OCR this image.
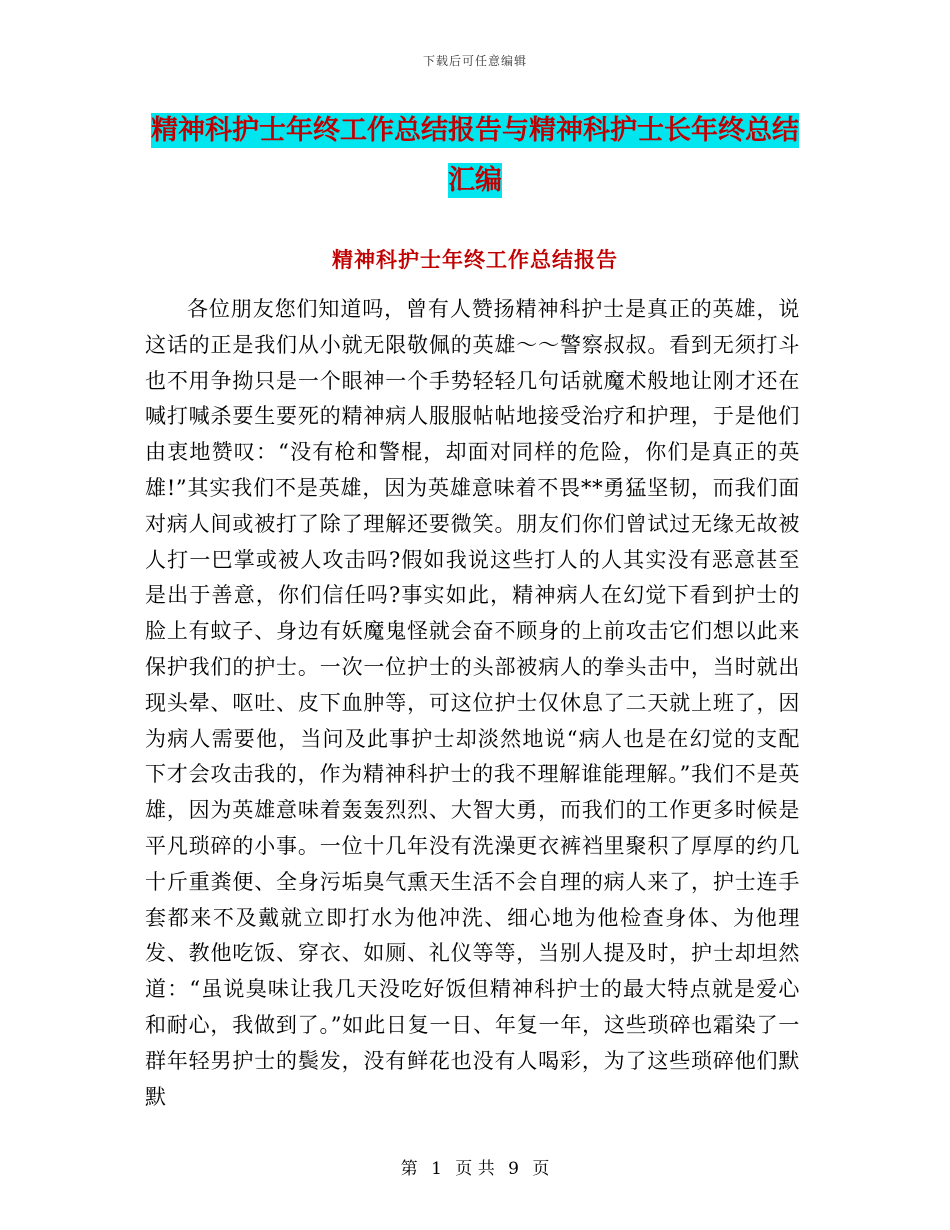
下载后可任意编辑
精神科护士年终工作总结报告与精神科护士长年终总结汇编
精神科护士年终工作总结报告

各位朋友您们知道吗，曾有人赞扬精神科护士是真正的英雄，说这话的正是我们从小就无限敬佩的英雄～～警察叔叔。看到无须打斗也不用争拗只是一个眼神一个手势轻轻几句话就魔术般地让刚才还在喊打喊杀要生要死的精神病人服服帖帖地接受治疗和护理，于是他们由衷地赞叹：“没有枪和警棍，却面对同样的危险，你们是真正的英雄!”其实我们不是英雄，因为英雄意味着不畏**勇猛坚韧，而我们面对病人间或被打了除了理解还要微笑。朋友们你们曾试过无缘无故被人打一巴掌或被人攻击吗?假如我说这些打人的人其实没有恶意甚至是出于善意，你们信任吗?事实如此，精神病人在幻觉下看到护士的脸上有蚊子、身边有妖魔鬼怪就会奋不顾身的上前攻击它们想以此来保护我们的护士。一次一位护士的头部被病人的拳头击中，当时就出现头晕、呕吐、皮下血肿等，可这位护士仅休息了二天就上班了，因为病人需要他，当问及此事护士却淡然地说“病人也是在幻觉的支配下才会攻击我的，作为精神科护士的我不理解谁能理解。”我们不是英雄，因为英雄意味着轰轰烈烈、大智大勇，而我们的工作更多时候是平凡琐碎的小事。一位十几年没有洗澡更衣裤裆里聚积了厚厚的约几十斤重粪便、全身污垢臭气熏天生活不会自理的病人来了，护士连手套都来不及戴就立即打水为他冲洗、细心地为他检查身体、为他理发、教他吃饭、穿衣、如厕、礼仪等等，当别人提及时，护士却坦然道：“虽说臭味让我几天没吃好饭但精神科护士的最大特点就是爱心和耐心，我做到了。”如此日复一日、年复一年，这些琐碎也霜染了一群年轻男护士的鬓发，没有鲜花也没有人喝彩，为了这些琐碎他们默默

第 1 页 共 9 页
